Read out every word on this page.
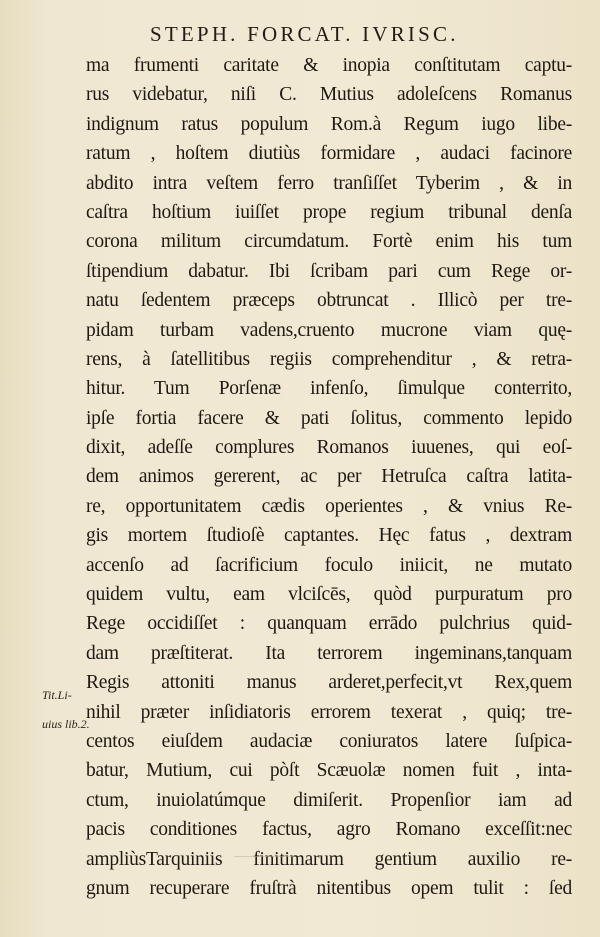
STEPH. FORCAT. IVRISC.
ma frumenti caritate & inopia conſtitutam captu-
rus videbatur, niſi C. Mutius adoleſcens Romanus
indignum ratus populum Rom.à Regum iugo libe-
ratum , hoſtem diutiùs formidare , audaci facinore
abdito intra veſtem ferro tranſiſſet Tyberim , & in
caſtra hoſtium iuiſſet prope regium tribunal denſa
corona militum circumdatum. Fortè enim his tum
ſtipendium dabatur. Ibi ſcribam pari cum Rege or-
natu ſedentem præceps obtruncat . Illicò per tre-
pidam turbam vadens,cruento mucrone viam quę-
rens, à ſatellitibus regiis comprehenditur , & retra-
hitur. Tum Porſenæ infenſo, ſimulque conterrito,
ipſe fortia facere & pati ſolitus, commento lepido
dixit, adeſſe complures Romanos iuuenes, qui eoſ-
dem animos gererent, ac per Hetruſca caſtra latita-
re, opportunitatem cædis operientes , & vnius Re-
gis mortem ſtudioſè captantes. Hęc fatus , dextram
accenſo ad ſacrificium foculo iniicit, ne mutato
quidem vultu, eam vlciſcēs, quòd purpuratum pro
Rege occidiſſet : quanquam errādo pulchrius quid-
dam præſtiterat. Ita terrorem ingeminans,tanquam
Regis attoniti manus arderet,perfecit,vt Rex,quem
nihil præter inſidiatoris errorem texerat , quiq; tre-
centos eiuſdem audaciæ coniuratos latere ſuſpica-
batur, Mutium, cui pòſt Scæuolæ nomen fuit , inta-
ctum, inuiolatúmque dimiſerit. Propenſior iam ad
pacis conditiones factus, agro Romano exceſſit:nec
ampliùsTarquiniis finitimarum gentium auxilio re-
gnum recuperare fruſtrà nitentibus opem tulit : ſed
Tit.Li-
uius lib.2.
